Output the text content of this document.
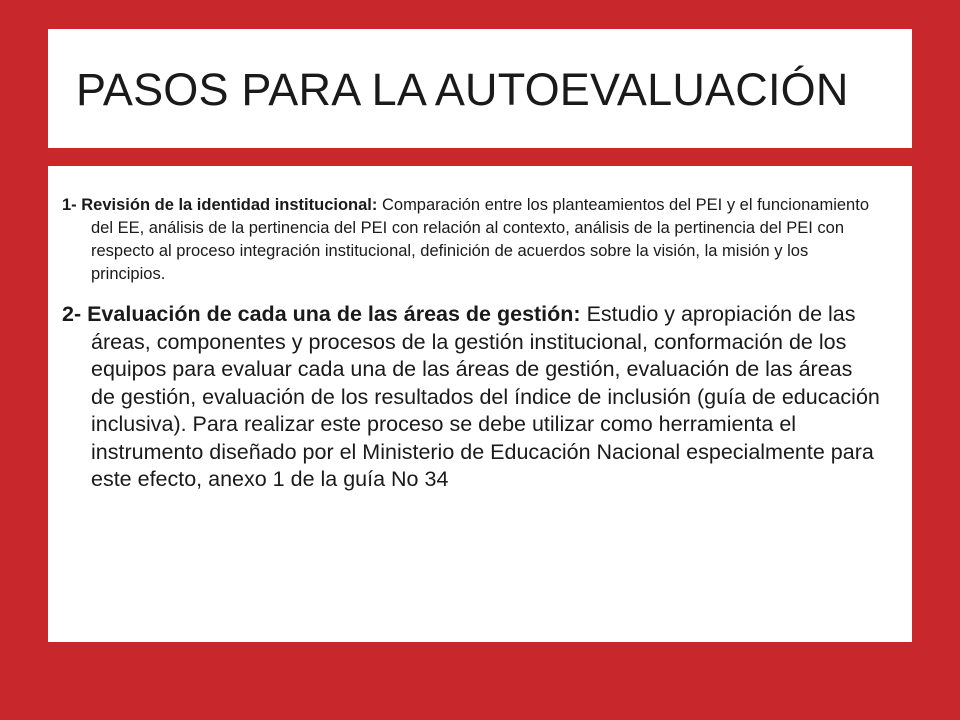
PASOS PARA LA AUTOEVALUACIÓN
1- Revisión de la identidad institucional: Comparación entre los planteamientos del PEI y el funcionamiento del EE, análisis de la pertinencia del PEI con relación al contexto, análisis de la pertinencia del PEI con respecto al proceso integración institucional, definición de acuerdos sobre la visión, la misión y los principios.
2- Evaluación de cada una de las áreas de gestión: Estudio y apropiación de las áreas, componentes y procesos de la gestión institucional, conformación de los equipos para evaluar cada una de las áreas de gestión, evaluación de las áreas de gestión, evaluación de los resultados del índice de inclusión (guía de educación inclusiva). Para realizar este proceso se debe utilizar como herramienta el instrumento diseñado por el Ministerio de Educación Nacional especialmente para este efecto, anexo 1 de la guía No 34
